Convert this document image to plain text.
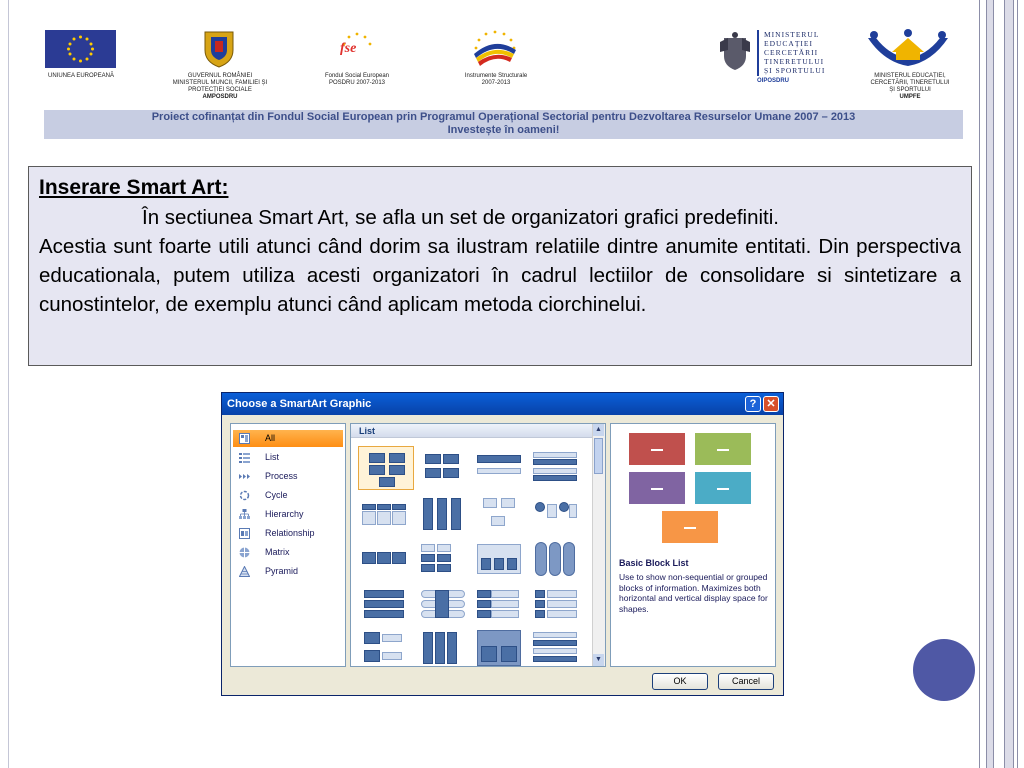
UNIUNEA EUROPEANĂ	GUVERNUL ROMÂNIEI
MINISTERUL MUNCII, FAMILIEI ȘI
PROTECȚIEI SOCIALE
AMPOSDRU
fse
Fondul Social European
POSDRU 2007-2013
Instrumente Structurale
2007-2013
MINISTERUL
EDUCAȚIEI
CERCETĂRII
TINERETULUI
ȘI SPORTULUI
OIPOSDRU
MINISTERUL EDUCAȚIEI,
CERCETĂRII, TINERETULUI
ȘI SPORTULUI
UMPFE
Proiect cofinanțat din Fondul Social European prin Programul Operațional Sectorial pentru Dezvoltarea Resurselor Umane 2007 – 2013
Investește în oameni!
Inserare Smart Art:
În sectiunea Smart Art, se afla un set de organizatori grafici predefiniti.
Acestia sunt foarte utili atunci când dorim sa ilustram relatiile dintre anumite entitati. Din perspectiva educationala, putem utiliza acesti organizatori în cadrul lectiilor de consolidare si sintetizare a cunostintelor, de exemplu atunci când aplicam metoda ciorchinelui.
Choose a SmartArt Graphic	? ✕
All
List
Process
Cycle
Hierarchy
Relationship
Matrix
Pyramid
List	▲
▼
Basic Block List
Use to show non-sequential or grouped blocks of information. Maximizes both horizontal and vertical display space for shapes.
OK	Cancel
